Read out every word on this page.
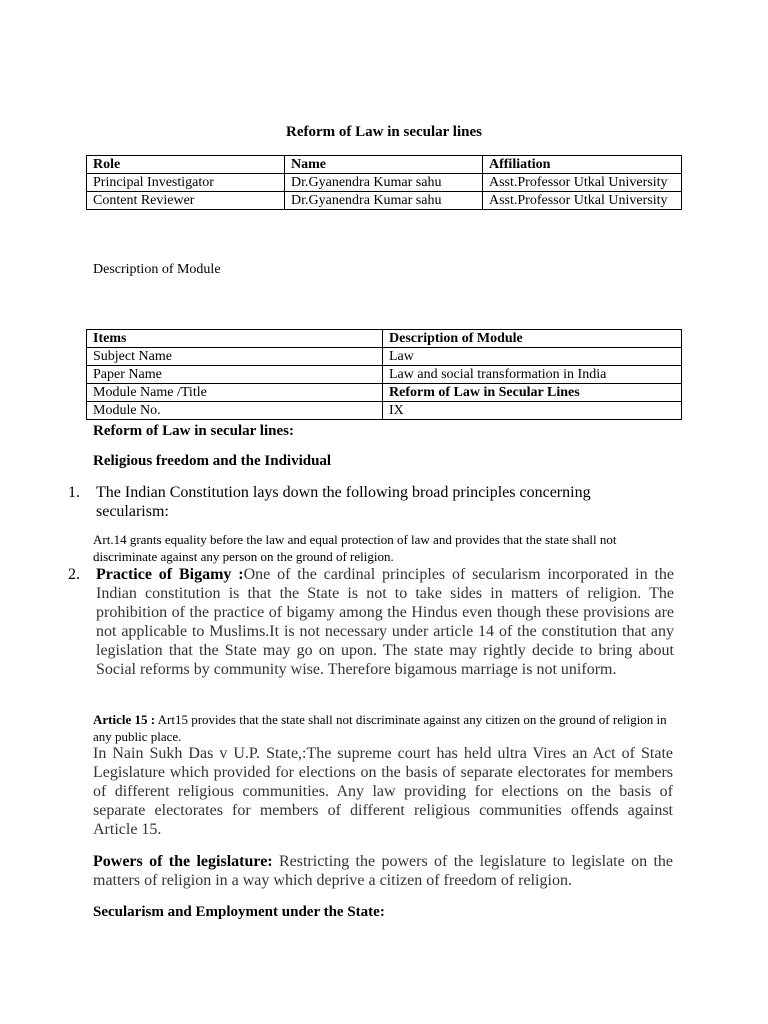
Reform of Law in secular lines
Role	Name	Affiliation
Principal Investigator	Dr.Gyanendra Kumar sahu	Asst.Professor Utkal University
Content Reviewer	Dr.Gyanendra Kumar sahu	Asst.Professor Utkal University
Description of Module
Items	Description of Module
Subject Name	Law
Paper Name	Law and social transformation in India
Module Name /Title	Reform of Law in Secular Lines
Module No.	IX
Reform of Law in secular lines:
Religious freedom and the Individual
1. The Indian Constitution lays down the following broad principles concerning secularism:
Art.14 grants equality before the law and equal protection of law and provides that the state shall not discriminate against any person on the ground of religion.
2. Practice of Bigamy :One of the cardinal principles of secularism incorporated in the Indian constitution is that the State is not to take sides in matters of religion. The prohibition of the practice of bigamy among the Hindus even though these provisions are not applicable to Muslims.It is not necessary under article 14 of the constitution that any legislation that the State may go on upon. The state may rightly decide to bring about Social reforms by community wise. Therefore bigamous marriage is not uniform.
Article 15 : Art15 provides that the state shall not discriminate against any citizen on the ground of religion in any public place.
In Nain Sukh Das v U.P. State,:The supreme court has held ultra Vires an Act of State Legislature which provided for elections on the basis of separate electorates for members of different religious communities. Any law providing for elections on the basis of separate electorates for members of different religious communities offends against Article 15.
Powers of the legislature: Restricting the powers of the legislature to legislate on the matters of religion in a way which deprive a citizen of freedom of religion.
Secularism and Employment under the State:
